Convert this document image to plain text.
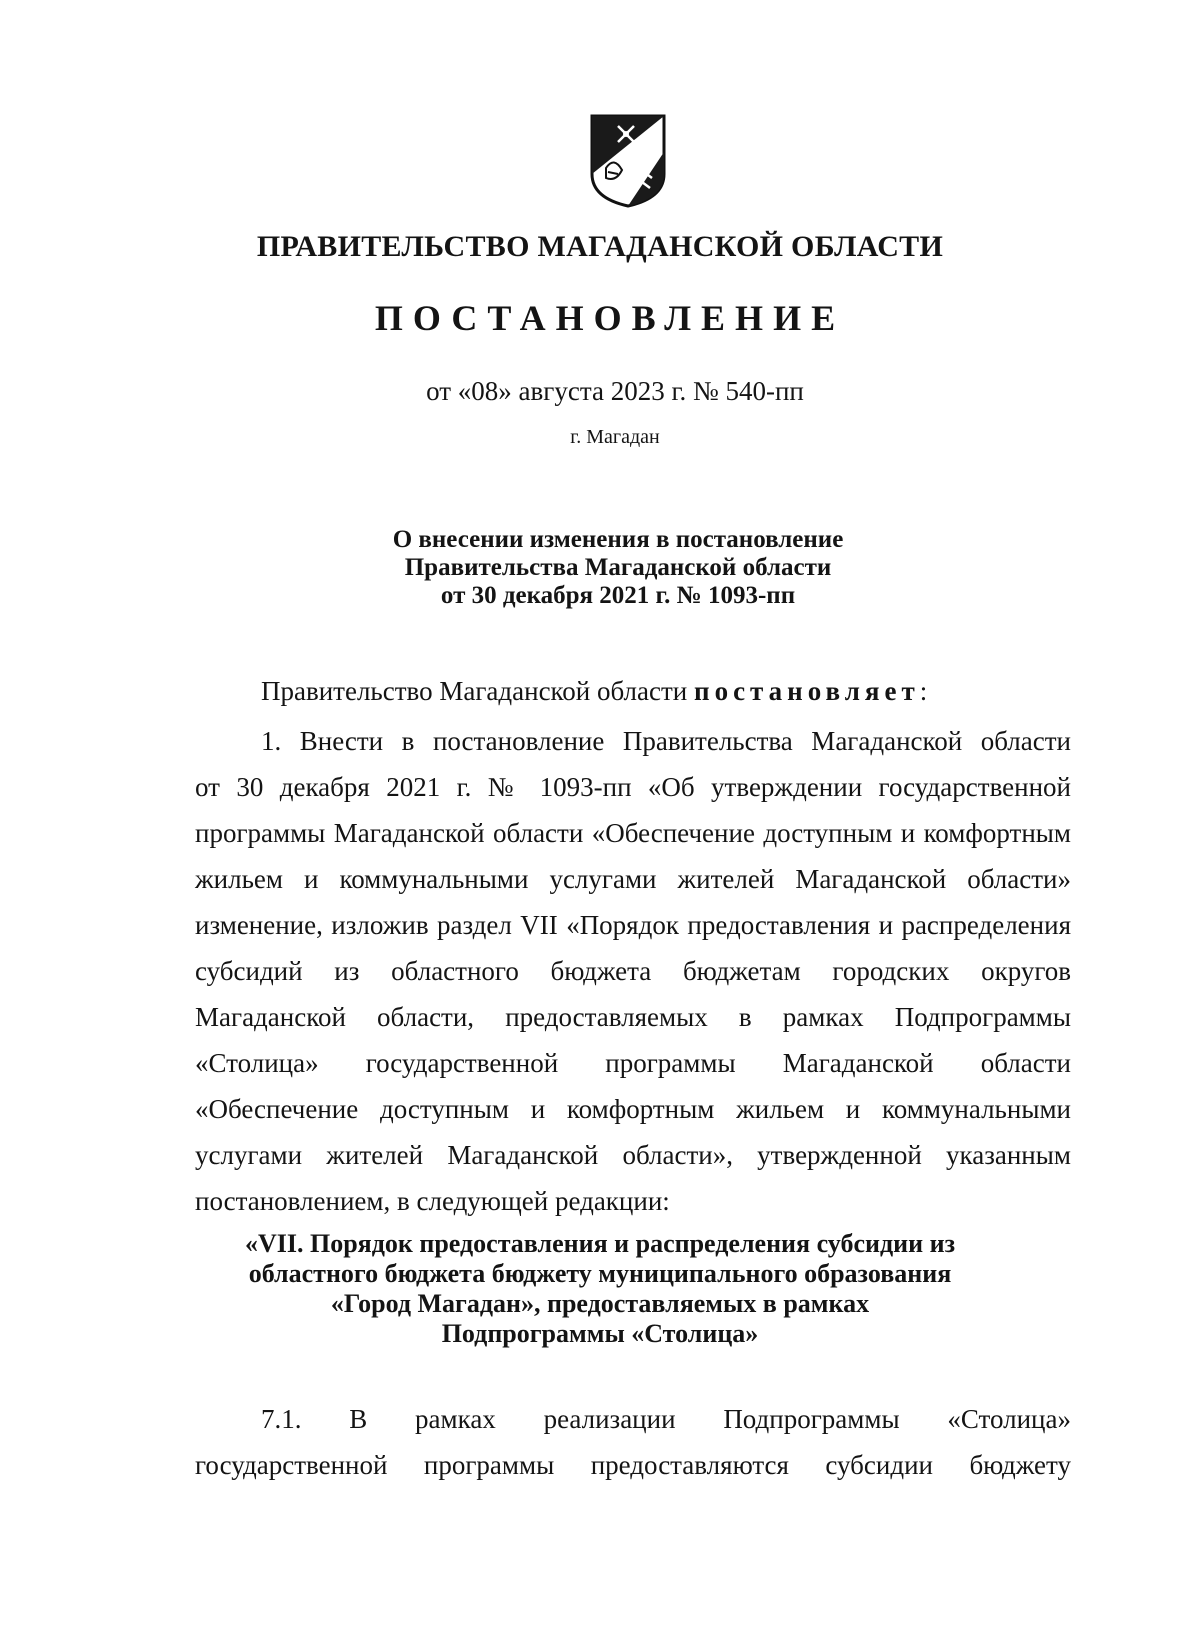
ПРАВИТЕЛЬСТВО МАГАДАНСКОЙ ОБЛАСТИ
ПОСТАНОВЛЕНИЕ
от «08» августа 2023 г. № 540-пп
г. Магадан
О внесении изменения в постановление
Правительства Магаданской области
от 30 декабря 2021 г. № 1093-пп
Правительство Магаданской области постановляет:
1. Внести в постановление Правительства Магаданской области
от 30 декабря 2021 г. № 1093-пп «Об утверждении государственной
программы Магаданской области «Обеспечение доступным и комфортным
жильем и коммунальными услугами жителей Магаданской области»
изменение, изложив раздел VII «Порядок предоставления и распределения
субсидий из областного бюджета бюджетам городских округов
Магаданской области, предоставляемых в рамках Подпрограммы
«Столица» государственной программы Магаданской области
«Обеспечение доступным и комфортным жильем и коммунальными
услугами жителей Магаданской области», утвержденной указанным
постановлением, в следующей редакции:
«VII. Порядок предоставления и распределения субсидии из
областного бюджета бюджету муниципального образования
«Город Магадан», предоставляемых в рамках
Подпрограммы «Столица»
7.1. В рамках реализации Подпрограммы «Столица»
государственной программы предоставляются субсидии бюджету
